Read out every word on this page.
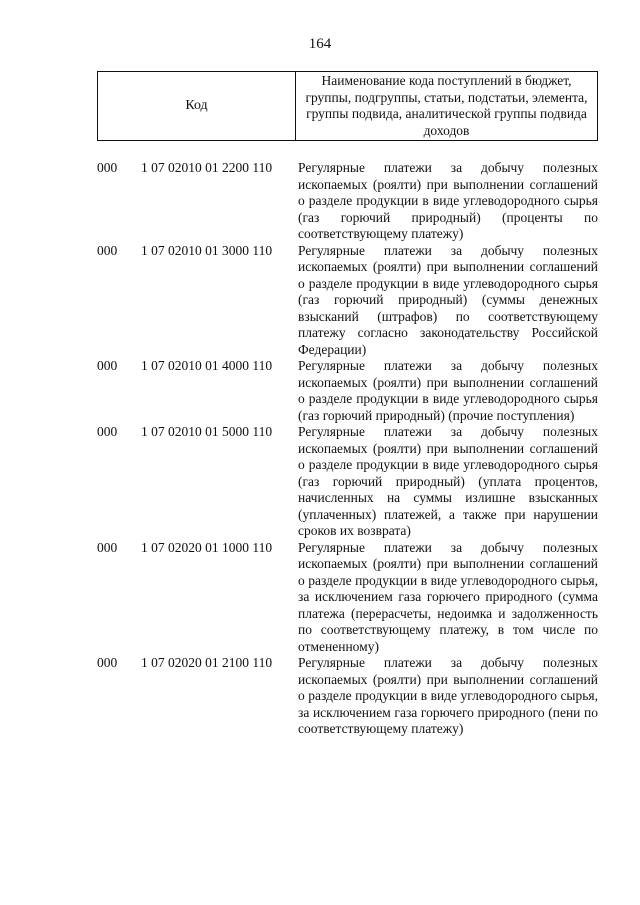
164
Код
Наименование кода поступлений в бюджет, группы, подгруппы, статьи, подстатьи, элемента, группы подвида, аналитической группы подвида доходов
000	1 07 02010 01 2200 110	Регулярные платежи за добычу полезных ископаемых (роялти) при выполнении соглашений о разделе продукции в виде углеводородного сырья (газ горючий природный) (проценты по соответствующему платежу)
000	1 07 02010 01 3000 110	Регулярные платежи за добычу полезных ископаемых (роялти) при выполнении соглашений о разделе продукции в виде углеводородного сырья (газ горючий природный) (суммы денежных взысканий (штрафов) по соответствующему платежу согласно законодательству Российской Федерации)
000	1 07 02010 01 4000 110	Регулярные платежи за добычу полезных ископаемых (роялти) при выполнении соглашений о разделе продукции в виде углеводородного сырья (газ горючий природный) (прочие поступления)
000	1 07 02010 01 5000 110	Регулярные платежи за добычу полезных ископаемых (роялти) при выполнении соглашений о разделе продукции в виде углеводородного сырья (газ горючий природный) (уплата процентов, начисленных на суммы излишне взысканных (уплаченных) платежей, а также при нарушении сроков их возврата)
000	1 07 02020 01 1000 110	Регулярные платежи за добычу полезных ископаемых (роялти) при выполнении соглашений о разделе продукции в виде углеводородного сырья, за исключением газа горючего природного (сумма платежа (перерасчеты, недоимка и задолженность по соответствующему платежу, в том числе по отмененному)
000	1 07 02020 01 2100 110	Регулярные платежи за добычу полезных ископаемых (роялти) при выполнении соглашений о разделе продукции в виде углеводородного сырья, за исключением газа горючего природного (пени по соответствующему платежу)
